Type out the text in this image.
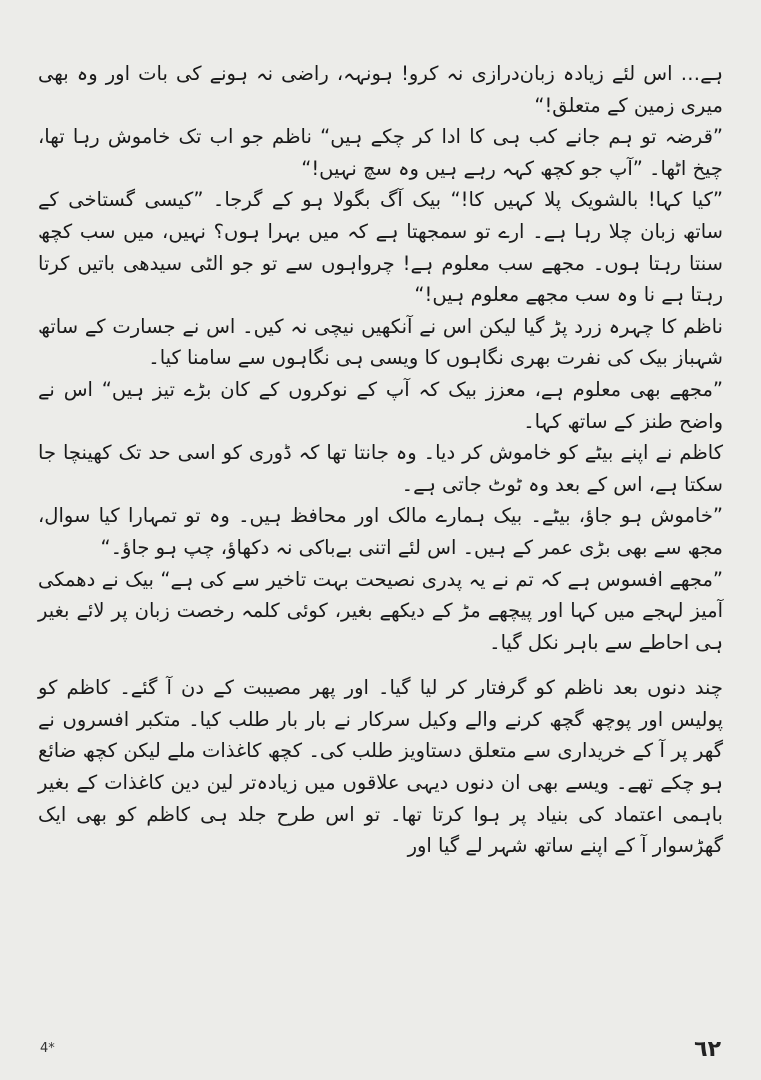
ہے… اس لئے زیادہ زبان‌درازی نہ کرو! ہونہہ، راضی نہ ہونے کی بات اور وہ بھی میری زمین کے متعلق!“

”قرضہ تو ہم جانے کب ہی کا ادا کر چکے ہیں“ ناظم جو اب تک خاموش رہا تھا، چیخ اٹھا۔ ”آپ جو کچھ کہہ رہے ہیں وہ سچ نہیں!“

”کیا کہا! بالشویک پلا کہیں کا!“ بیک آگ بگولا ہو کے گرجا۔ ”کیسی گستاخی کے ساتھ زبان چلا رہا ہے۔ ارے تو سمجھتا ہے کہ میں بہرا ہوں؟ نہیں، میں سب کچھ سنتا رہتا ہوں۔ مجھے سب معلوم ہے! چرواہوں سے تو جو الٹی سیدھی باتیں کرتا رہتا ہے نا وہ سب مجھے معلوم ہیں!“

ناظم کا چہرہ زرد پڑ گیا لیکن اس نے آنکھیں نیچی نہ کیں۔ اس نے جسارت کے ساتھ شہباز بیک کی نفرت بھری نگاہوں کا ویسی ہی نگاہوں سے سامنا کیا۔

”مجھے بھی معلوم ہے، معزز بیک کہ آپ کے نوکروں کے کان بڑے تیز ہیں“ اس نے واضح طنز کے ساتھ کہا۔

کاظم نے اپنے بیٹے کو خاموش کر دیا۔ وہ جانتا تھا کہ ڈوری کو اسی حد تک کھینچا جا سکتا ہے، اس کے بعد وہ ٹوٹ جاتی ہے۔

”خاموش ہو جاؤ، بیٹے۔ بیک ہمارے مالک اور محافظ ہیں۔ وہ تو تمہارا کیا سوال، مجھ سے بھی بڑی عمر کے ہیں۔ اس لئے اتنی بےباکی نہ دکھاؤ، چپ ہو جاؤ۔“

”مجھے افسوس ہے کہ تم نے یہ پدری نصیحت بہت تاخیر سے کی ہے“ بیک نے دھمکی آمیز لہجے میں کہا اور پیچھے مڑ کے دیکھے بغیر، کوئی کلمہ رخصت زبان پر لائے بغیر ہی احاطے سے باہر نکل گیا۔

چند دنوں بعد ناظم کو گرفتار کر لیا گیا۔ اور پھر مصیبت کے دن آ گئے۔ کاظم کو پولیس اور پوچھ گچھ کرنے والے وکیل سرکار نے بار بار طلب کیا۔ متکبر افسروں نے گھر پر آ کے خریداری سے متعلق دستاویز طلب کی۔ کچھ کاغذات ملے لیکن کچھ ضائع ہو چکے تھے۔ ویسے بھی ان دنوں دیہی علاقوں میں زیادہ‌تر لین دین کاغذات کے بغیر باہمی اعتماد کی بنیاد پر ہوا کرتا تھا۔ تو اس طرح جلد ہی کاظم کو بھی ایک گھڑسوار آ کے اپنے ساتھ شہر لے گیا اور

4*	٦٢
